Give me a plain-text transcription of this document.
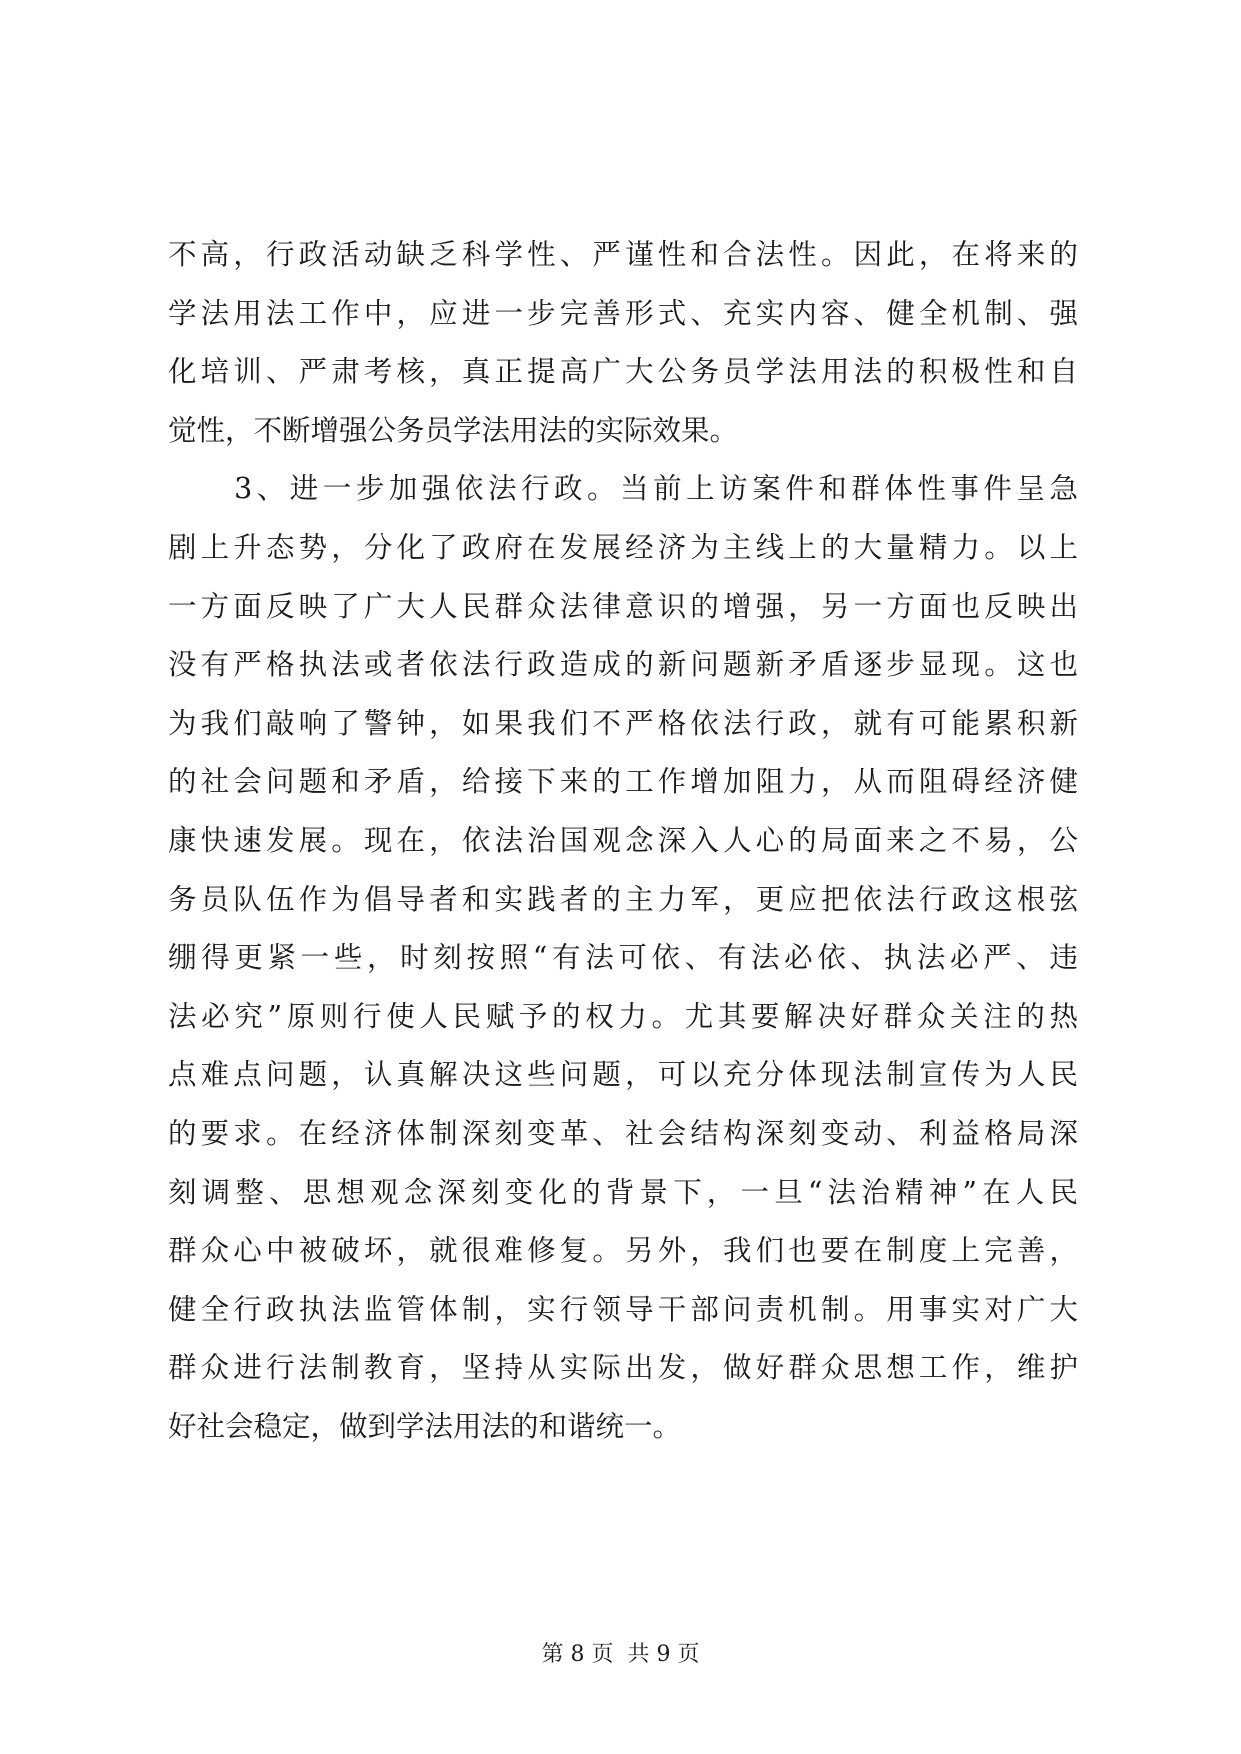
不高，行政活动缺乏科学性、严谨性和合法性。因此，在将来的
学法用法工作中，应进一步完善形式、充实内容、健全机制、强
化培训、严肃考核，真正提高广大公务员学法用法的积极性和自
觉性，不断增强公务员学法用法的实际效果。
　　3、进一步加强依法行政。当前上访案件和群体性事件呈急
剧上升态势，分化了政府在发展经济为主线上的大量精力。以上
一方面反映了广大人民群众法律意识的增强，另一方面也反映出
没有严格执法或者依法行政造成的新问题新矛盾逐步显现。这也
为我们敲响了警钟，如果我们不严格依法行政，就有可能累积新
的社会问题和矛盾，给接下来的工作增加阻力，从而阻碍经济健
康快速发展。现在，依法治国观念深入人心的局面来之不易，公
务员队伍作为倡导者和实践者的主力军，更应把依法行政这根弦
绷得更紧一些，时刻按照“有法可依、有法必依、执法必严、违
法必究”原则行使人民赋予的权力。尤其要解决好群众关注的热
点难点问题，认真解决这些问题，可以充分体现法制宣传为人民
的要求。在经济体制深刻变革、社会结构深刻变动、利益格局深
刻调整、思想观念深刻变化的背景下，一旦“法治精神”在人民
群众心中被破坏，就很难修复。另外，我们也要在制度上完善，
健全行政执法监管体制，实行领导干部问责机制。用事实对广大
群众进行法制教育，坚持从实际出发，做好群众思想工作，维护
好社会稳定，做到学法用法的和谐统一。
第 8 页  共 9 页
